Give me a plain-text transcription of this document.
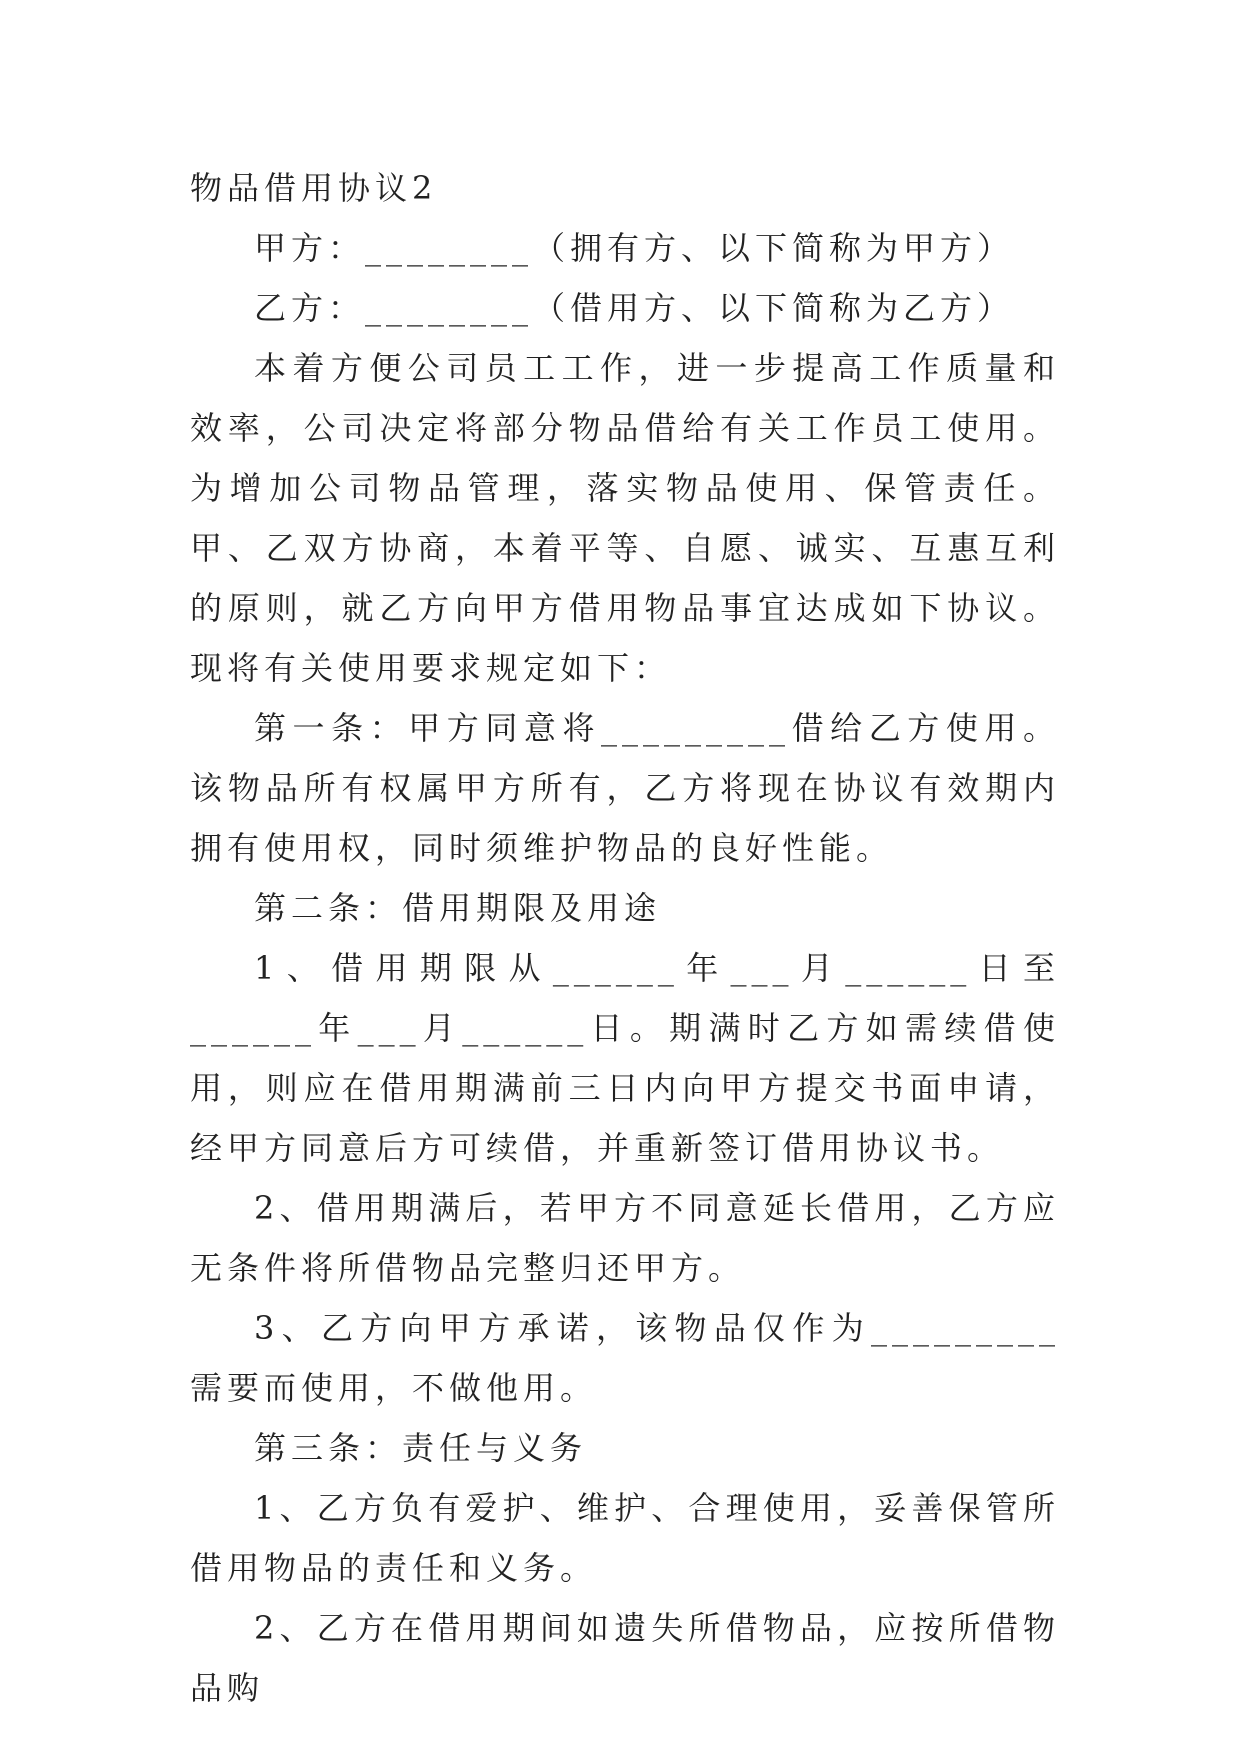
物品借用协议2

甲方：________（拥有方、以下简称为甲方）

乙方：________（借用方、以下简称为乙方）

本着方便公司员工工作，进一步提高工作质量和效率，公司决定将部分物品借给有关工作员工使用。为增加公司物品管理，落实物品使用、保管责任。甲、乙双方协商，本着平等、自愿、诚实、互惠互利的原则，就乙方向甲方借用物品事宜达成如下协议。现将有关使用要求规定如下：

第一条：甲方同意将_________借给乙方使用。该物品所有权属甲方所有，乙方将现在协议有效期内拥有使用权，同时须维护物品的良好性能。

第二条：借用期限及用途

1、借用期限从______年___月______日至______年___月______日。期满时乙方如需续借使用，则应在借用期满前三日内向甲方提交书面申请，经甲方同意后方可续借，并重新签订借用协议书。

2、借用期满后，若甲方不同意延长借用，乙方应无条件将所借物品完整归还甲方。

3、乙方向甲方承诺，该物品仅作为_________需要而使用，不做他用。

第三条：责任与义务

1、乙方负有爱护、维护、合理使用，妥善保管所借用物品的责任和义务。

2、乙方在借用期间如遗失所借物品，应按所借物品购
